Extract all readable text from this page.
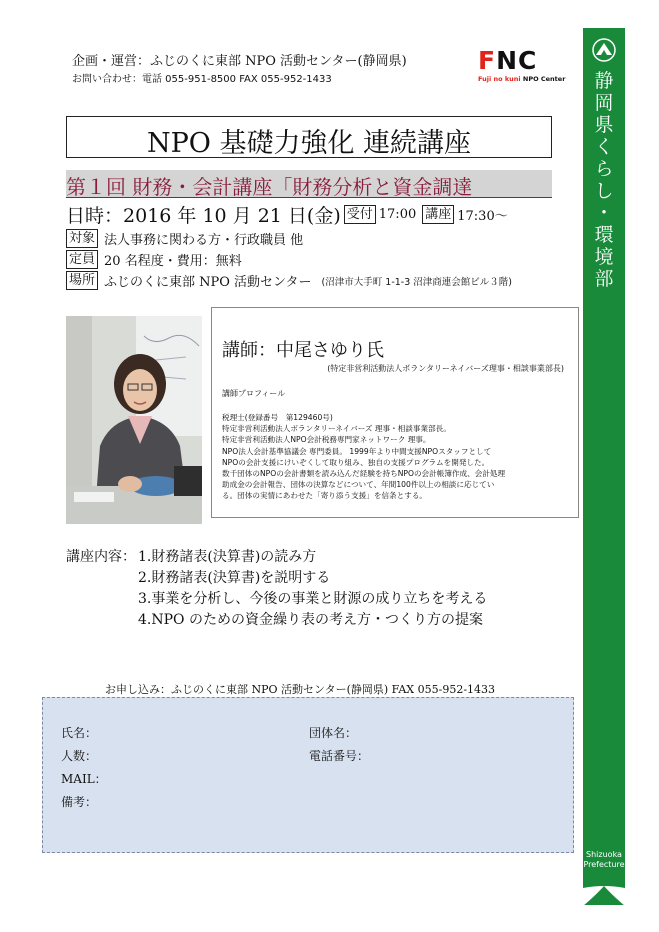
企画・運営：ふじのくに東部 NPO 活動センター(静岡県)
お問い合わせ：電話 055-951-8500 FAX 055-952-1433
FNC
Fuji no kuni NPO Center
NPO 基礎力強化 連続講座
第１回 財務・会計講座「財務分析と資金調達
日時： 2016 年 10 月 21 日(金) 受付 17:00 講座 17:30～
対象 法人事務に関わる方・行政職員 他
定員 20 名程度・費用：無料
場所 ふじのくに東部 NPO 活動センター (沼津市大手町 1-1-3 沼津商連会館ビル３階)
講師：中尾さゆり氏
(特定非営利活動法人ボランタリーネイバーズ理事・相談事業部長)
講師プロフィール
税理士(登録番号　第129460号)
特定非営利活動法人ボランタリーネイバーズ 理事・相談事業部長。
特定非営利活動法人NPO会計税務専門家ネットワーク 理事。
NPO法人会計基準協議会 専門委員。 1999年より中間支援NPOスタッフとして
NPOの会計支援にけいぞくして取り組み、独自の支援プログラムを開発した。
数千団体のNPOの会計書類を読み込んだ経験を持ちNPOの会計帳簿作成、会計処理
助成金の会計報告、団体の決算などについて、年間100件以上の相談に応じてい
る。団体の実情にあわせた「寄り添う支援」を信条とする。
講座内容： 1.財務諸表(決算書)の読み方
2.財務諸表(決算書)を説明する
3.事業を分析し、今後の事業と財源の成り立ちを考える
4.NPO のための資金繰り表の考え方・つくり方の提案
お申し込み：ふじのくに東部 NPO 活動センター(静岡県) FAX 055-952-1433
氏名：	団体名：
人数：	電話番号：
MAIL：
備考：
静
岡
県
く
ら
し
・
環
境
部
Shizuoka
Prefecture
